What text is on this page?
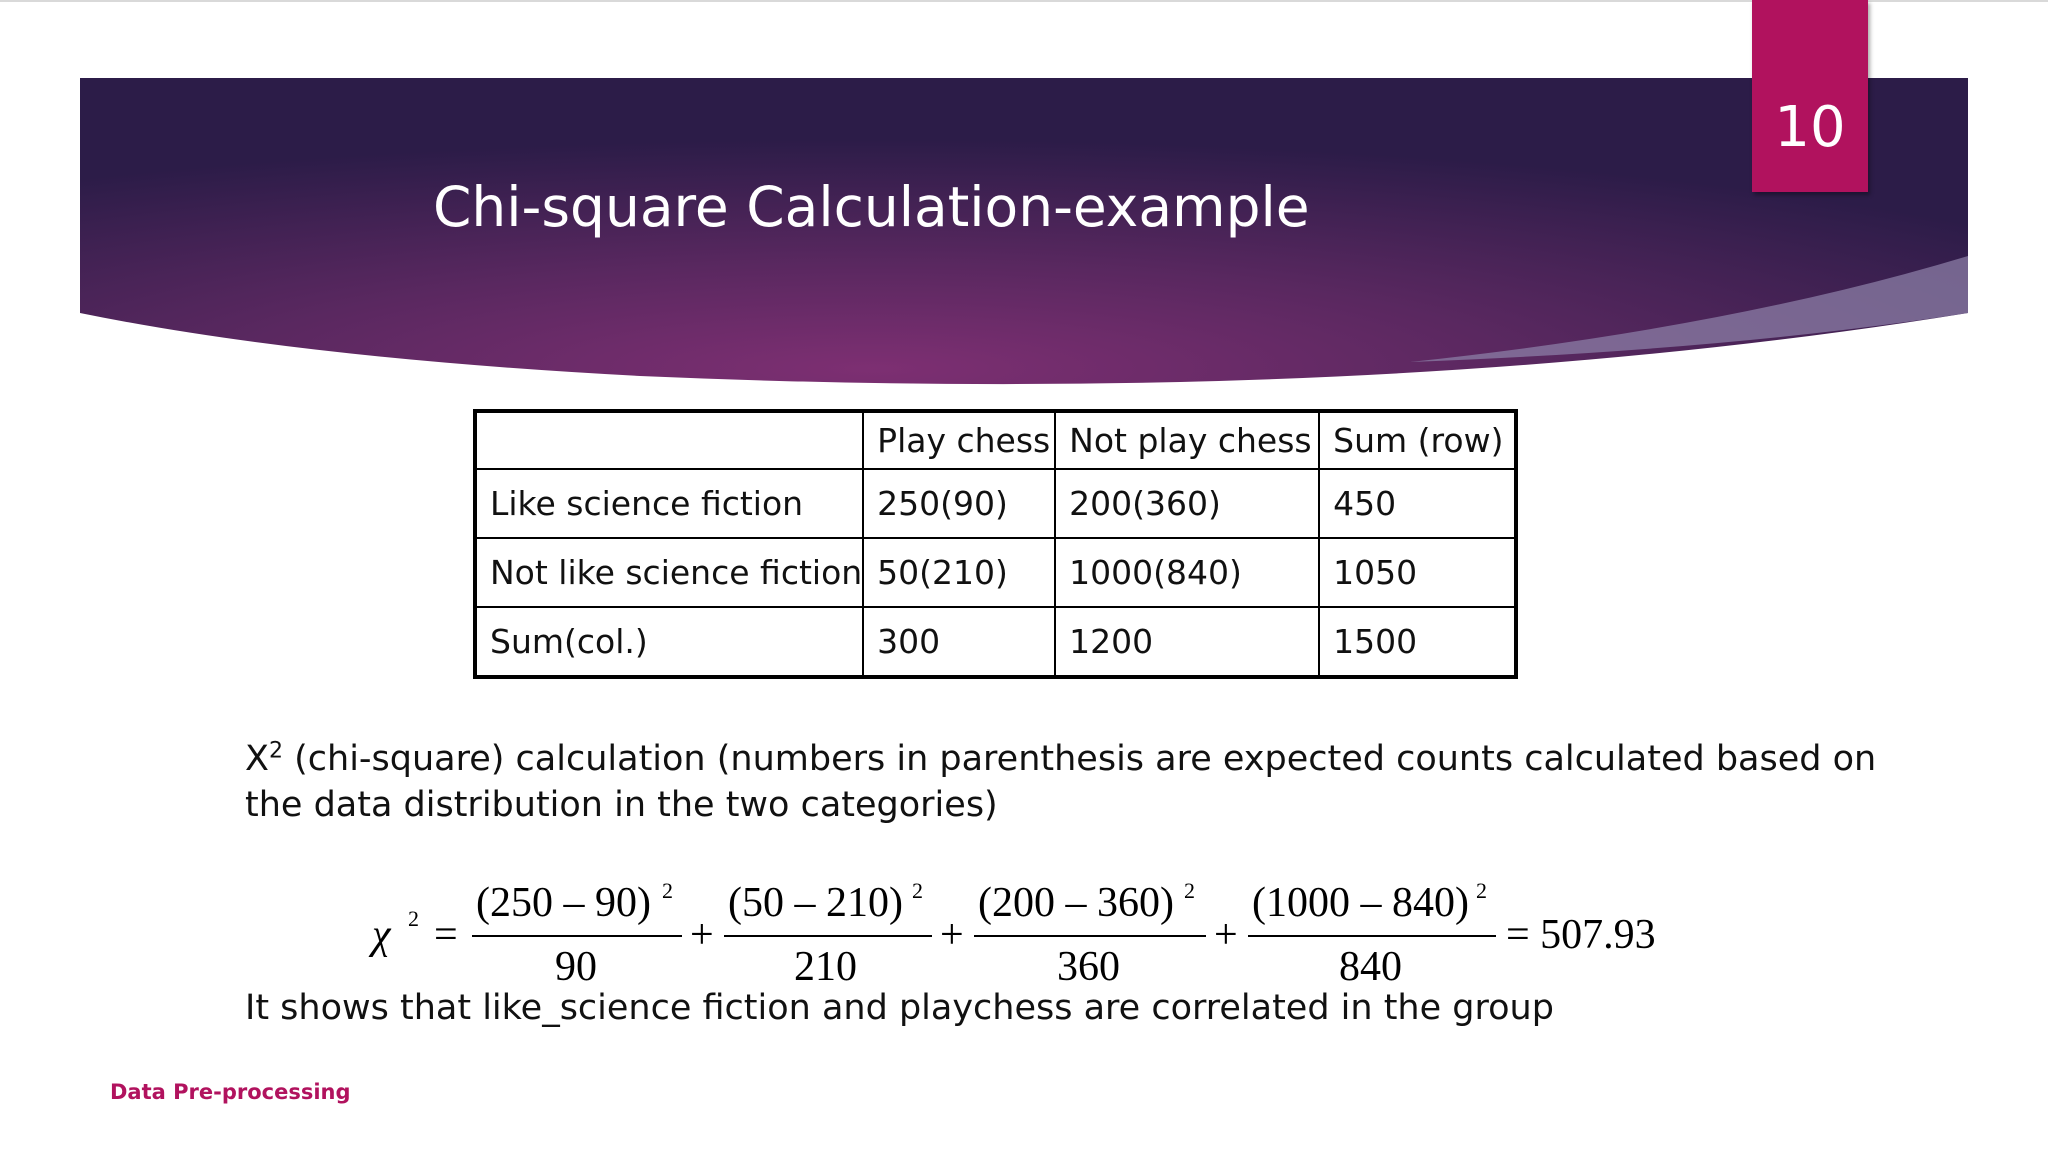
10
Chi-square Calculation-example
	Play chess	Not play chess	Sum (row)
Like science fiction	250(90)	200(360)	450
Not like science fiction	50(210)	1000(840)	1050
Sum(col.)	300	1200	1500
$X^2$ (chi-square) calculation (numbers in parenthesis are expected counts calculated based on the data distribution in the two categories)
χ 2 =
(250 – 90) 2
90
+
(50 – 210) 2
210
+
(200 – 360) 2
360
+
(1000 – 840) 2
840
= 507.93
It shows that like_science fiction and playchess are correlated in the group
Data Pre-processing
